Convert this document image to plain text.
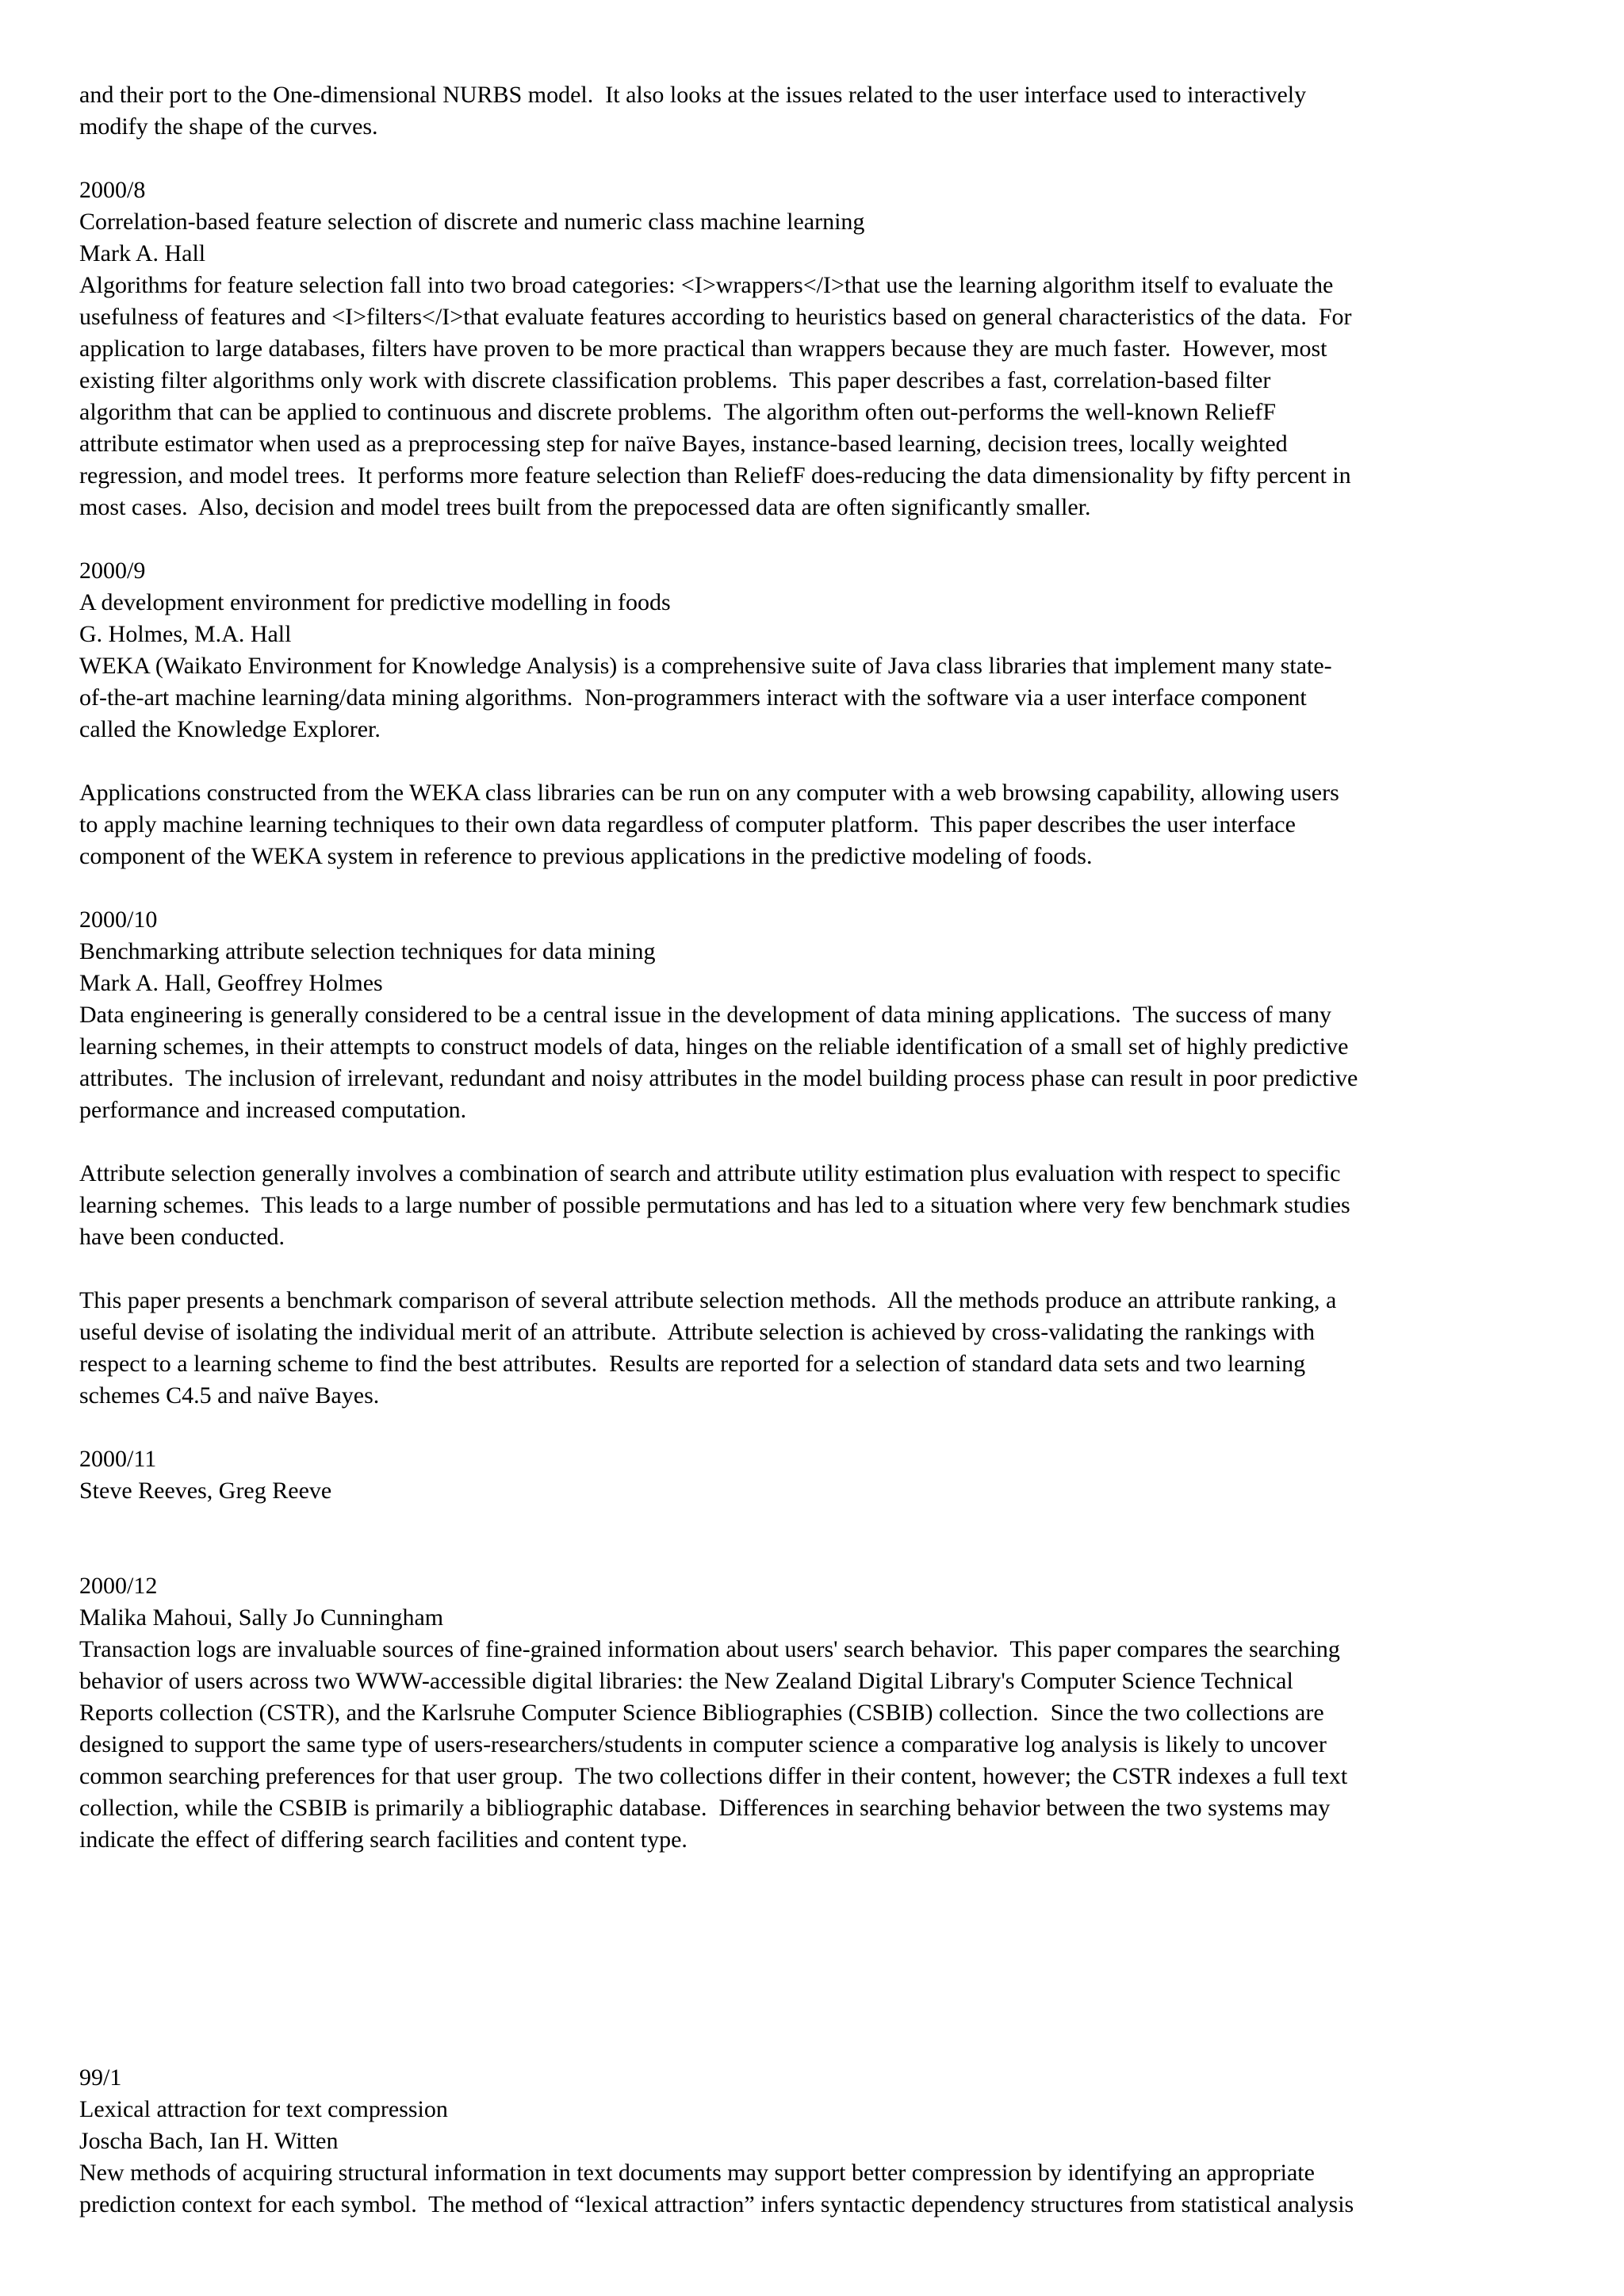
and their port to the One-dimensional NURBS model.  It also looks at the issues related to the user interface used to interactively
modify the shape of the curves.
2000/8
Correlation-based feature selection of discrete and numeric class machine learning
Mark A. Hall
Algorithms for feature selection fall into two broad categories: <I>wrappers</I>that use the learning algorithm itself to evaluate the
usefulness of features and <I>filters</I>that evaluate features according to heuristics based on general characteristics of the data.  For
application to large databases, filters have proven to be more practical than wrappers because they are much faster.  However, most
existing filter algorithms only work with discrete classification problems.  This paper describes a fast, correlation-based filter
algorithm that can be applied to continuous and discrete problems.  The algorithm often out-performs the well-known ReliefF
attribute estimator when used as a preprocessing step for naïve Bayes, instance-based learning, decision trees, locally weighted
regression, and model trees.  It performs more feature selection than ReliefF does-reducing the data dimensionality by fifty percent in
most cases.  Also, decision and model trees built from the prepocessed data are often significantly smaller.
2000/9
A development environment for predictive modelling in foods
G. Holmes, M.A. Hall
WEKA (Waikato Environment for Knowledge Analysis) is a comprehensive suite of Java class libraries that implement many state-
of-the-art machine learning/data mining algorithms.  Non-programmers interact with the software via a user interface component
called the Knowledge Explorer.
Applications constructed from the WEKA class libraries can be run on any computer with a web browsing capability, allowing users
to apply machine learning techniques to their own data regardless of computer platform.  This paper describes the user interface
component of the WEKA system in reference to previous applications in the predictive modeling of foods.
2000/10
Benchmarking attribute selection techniques for data mining
Mark A. Hall, Geoffrey Holmes
Data engineering is generally considered to be a central issue in the development of data mining applications.  The success of many
learning schemes, in their attempts to construct models of data, hinges on the reliable identification of a small set of highly predictive
attributes.  The inclusion of irrelevant, redundant and noisy attributes in the model building process phase can result in poor predictive
performance and increased computation.
Attribute selection generally involves a combination of search and attribute utility estimation plus evaluation with respect to specific
learning schemes.  This leads to a large number of possible permutations and has led to a situation where very few benchmark studies
have been conducted.
This paper presents a benchmark comparison of several attribute selection methods.  All the methods produce an attribute ranking, a
useful devise of isolating the individual merit of an attribute.  Attribute selection is achieved by cross-validating the rankings with
respect to a learning scheme to find the best attributes.  Results are reported for a selection of standard data sets and two learning
schemes C4.5 and naïve Bayes.
2000/11
Steve Reeves, Greg Reeve
2000/12
Malika Mahoui, Sally Jo Cunningham
Transaction logs are invaluable sources of fine-grained information about users' search behavior.  This paper compares the searching
behavior of users across two WWW-accessible digital libraries: the New Zealand Digital Library's Computer Science Technical
Reports collection (CSTR), and the Karlsruhe Computer Science Bibliographies (CSBIB) collection.  Since the two collections are
designed to support the same type of users-researchers/students in computer science a comparative log analysis is likely to uncover
common searching preferences for that user group.  The two collections differ in their content, however; the CSTR indexes a full text
collection, while the CSBIB is primarily a bibliographic database.  Differences in searching behavior between the two systems may
indicate the effect of differing search facilities and content type.
99/1
Lexical attraction for text compression
Joscha Bach, Ian H. Witten
New methods of acquiring structural information in text documents may support better compression by identifying an appropriate
prediction context for each symbol.  The method of “lexical attraction” infers syntactic dependency structures from statistical analysis
